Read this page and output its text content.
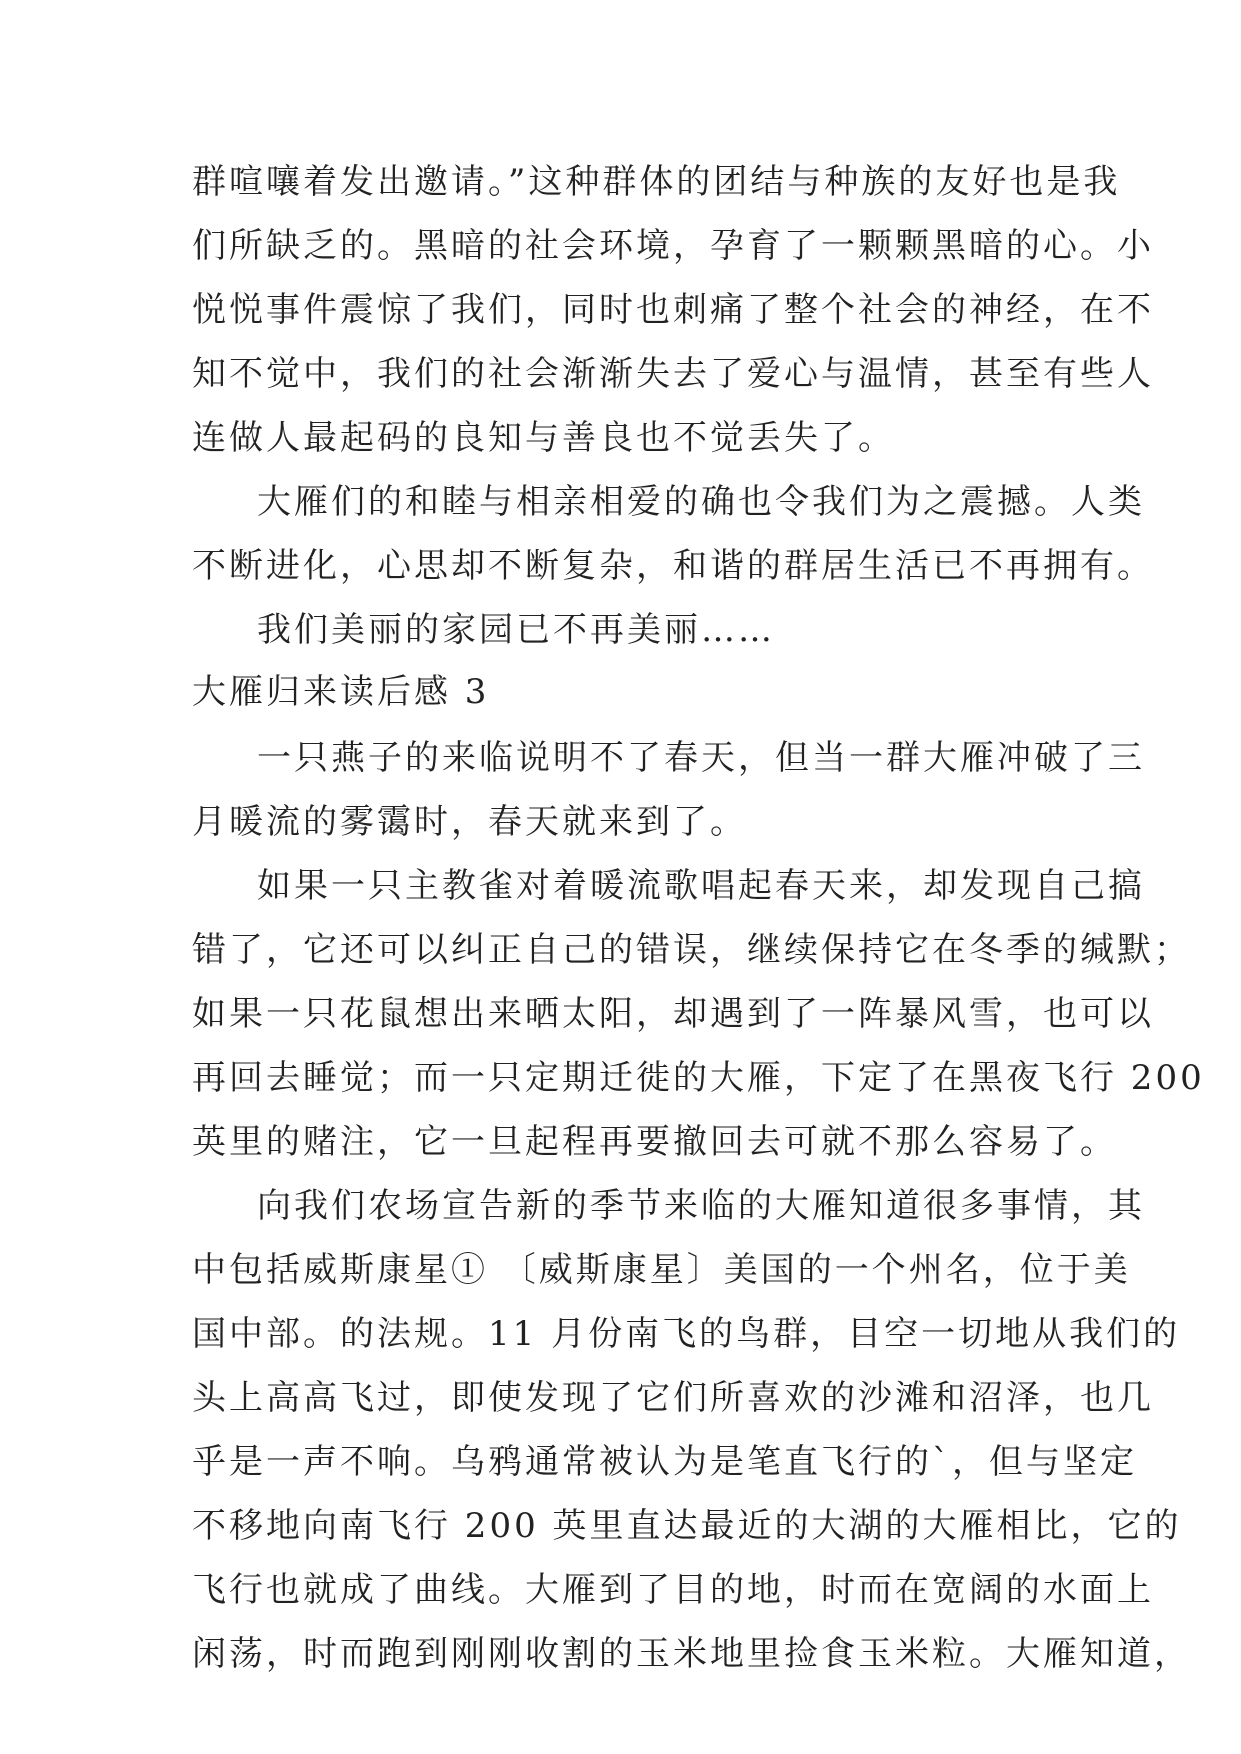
群喧嚷着发出邀请。”这种群体的团结与种族的友好也是我
们所缺乏的。黑暗的社会环境，孕育了一颗颗黑暗的心。小
悦悦事件震惊了我们，同时也刺痛了整个社会的神经，在不
知不觉中，我们的社会渐渐失去了爱心与温情，甚至有些人
连做人最起码的良知与善良也不觉丢失了。
大雁们的和睦与相亲相爱的确也令我们为之震撼。人类
不断进化，心思却不断复杂，和谐的群居生活已不再拥有。
我们美丽的家园已不再美丽……
大雁归来读后感 3
一只燕子的来临说明不了春天，但当一群大雁冲破了三
月暖流的雾霭时，春天就来到了。
如果一只主教雀对着暖流歌唱起春天来，却发现自己搞
错了，它还可以纠正自己的错误，继续保持它在冬季的缄默；
如果一只花鼠想出来晒太阳，却遇到了一阵暴风雪，也可以
再回去睡觉；而一只定期迁徙的大雁，下定了在黑夜飞行 200
英里的赌注，它一旦起程再要撤回去可就不那么容易了。
向我们农场宣告新的季节来临的大雁知道很多事情，其
中包括威斯康星① 〔威斯康星〕美国的一个州名，位于美
国中部。的法规。11 月份南飞的鸟群，目空一切地从我们的
头上高高飞过，即使发现了它们所喜欢的沙滩和沼泽，也几
乎是一声不响。乌鸦通常被认为是笔直飞行的`，但与坚定
不移地向南飞行 200 英里直达最近的大湖的大雁相比，它的
飞行也就成了曲线。大雁到了目的地，时而在宽阔的水面上
闲荡，时而跑到刚刚收割的玉米地里捡食玉米粒。大雁知道，
